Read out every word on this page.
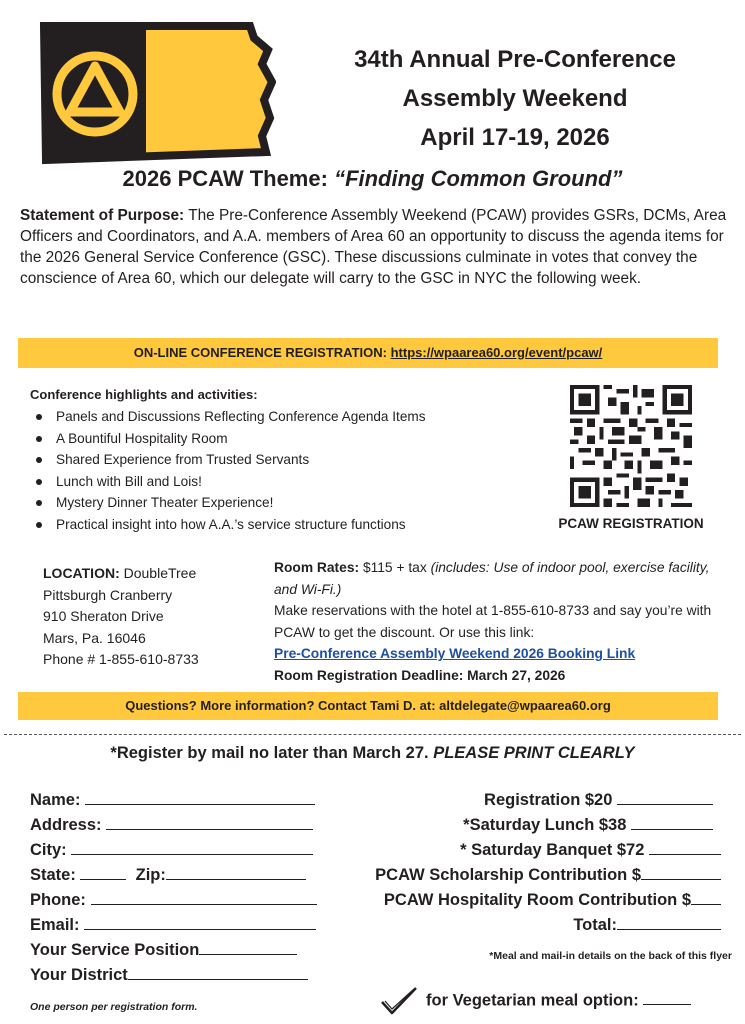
34th Annual Pre-Conference
Assembly Weekend
April 17-19, 2026
2026 PCAW Theme: “Finding Common Ground”
Statement of Purpose: The Pre-Conference Assembly Weekend (PCAW) provides GSRs, DCMs, Area Officers and Coordinators, and A.A. members of Area 60 an opportunity to discuss the agenda items for the 2026 General Service Conference (GSC). These discussions culminate in votes that convey the conscience of Area 60, which our delegate will carry to the GSC in NYC the following week.
ON-LINE CONFERENCE REGISTRATION: https://wpaarea60.org/event/pcaw/
Conference highlights and activities:
Panels and Discussions Reflecting Conference Agenda Items
A Bountiful Hospitality Room
Shared Experience from Trusted Servants
Lunch with Bill and Lois!
Mystery Dinner Theater Experience!
Practical insight into how A.A.’s service structure functions	PCAW REGISTRATION
LOCATION: DoubleTree
Pittsburgh Cranberry
910 Sheraton Drive
Mars, Pa. 16046
Phone # 1-855-610-8733
Room Rates: $115 + tax (includes: Use of indoor pool, exercise facility, and Wi-Fi.)
Make reservations with the hotel at 1-855-610-8733 and say you’re with PCAW to get the discount. Or use this link:
Pre-Conference Assembly Weekend 2026 Booking Link
Room Registration Deadline: March 27, 2026
Questions? More information? Contact Tami D. at: altdelegate@wpaarea60.org
*Register by mail no later than March 27. PLEASE PRINT CLEARLY
Name:
Address:
City:
State:	Zip:
Phone:
Email:
Your Service Position
Your District
Registration $20
*Saturday Lunch $38
* Saturday Banquet $72
PCAW Scholarship Contribution $
PCAW Hospitality Room Contribution $
Total:
*Meal and mail-in details on the back of this flyer
One person per registration form.	for Vegetarian meal option:
